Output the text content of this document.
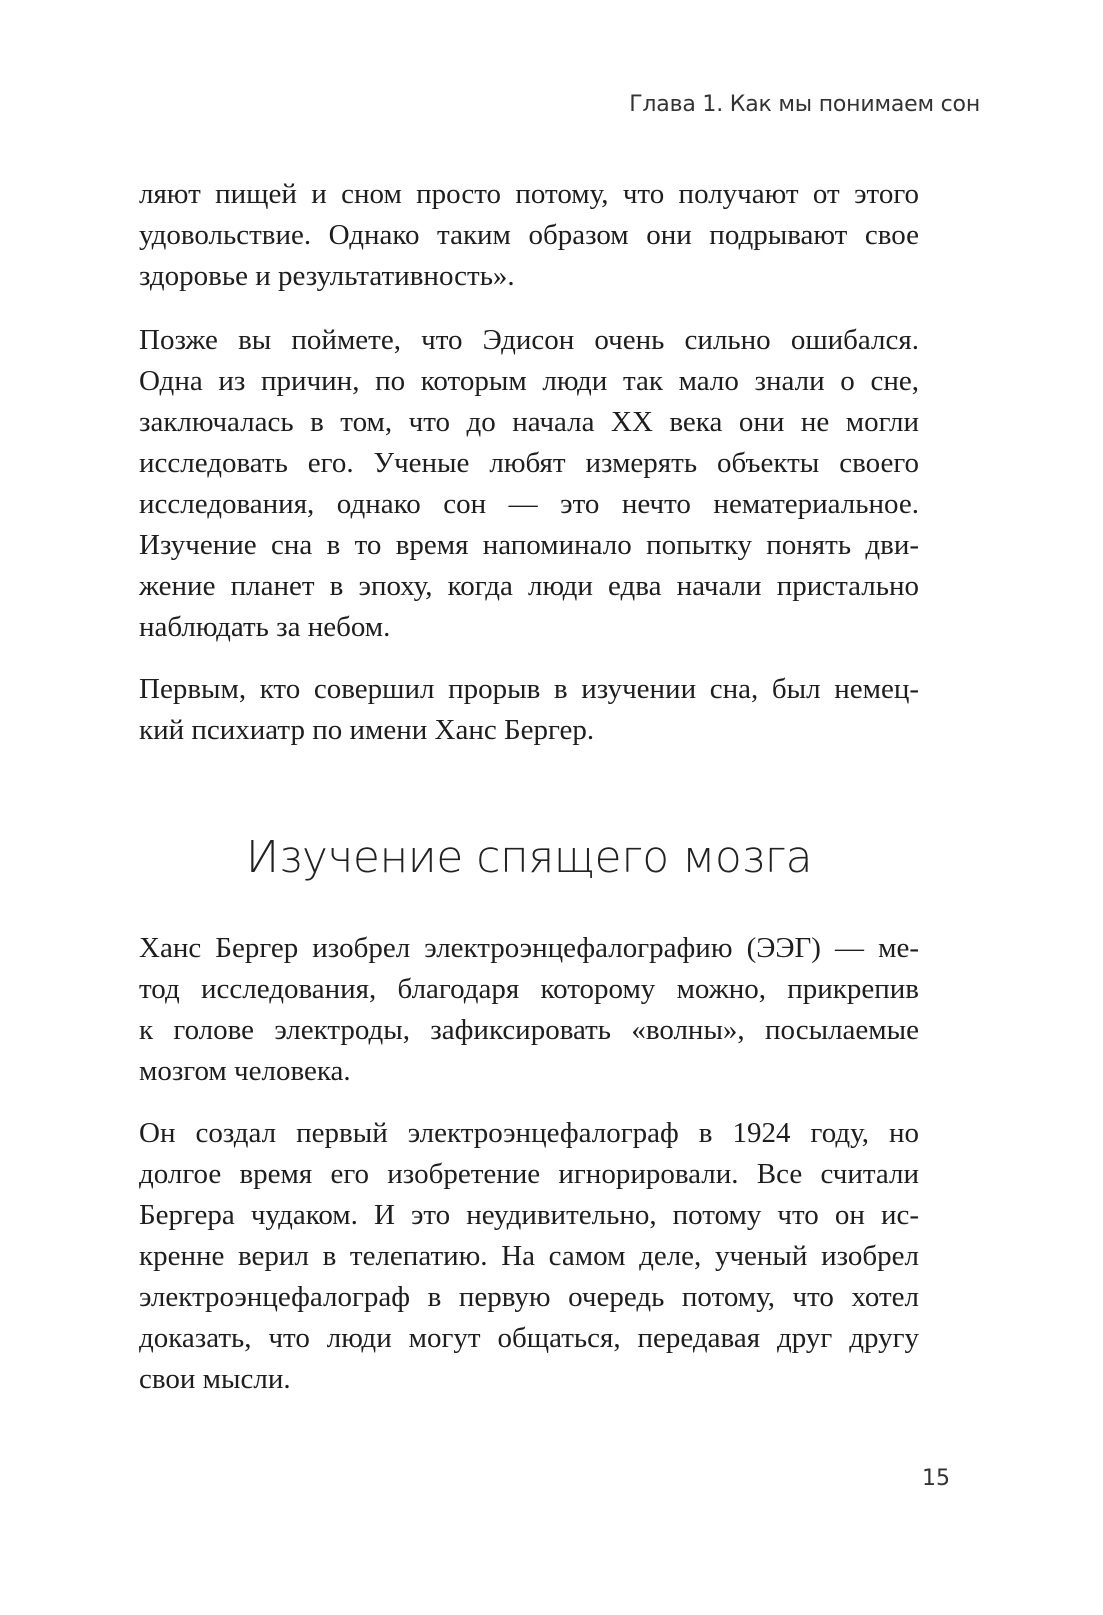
Глава 1. Как мы понимаем сон

ляют пищей и сном просто потому, что получают от этого
удовольствие. Однако таким образом они подрывают свое
здоровье и результативность».

Позже вы поймете, что Эдисон очень сильно ошибался.
Одна из причин, по которым люди так мало знали о сне,
заключалась в том, что до начала XX века они не могли
исследовать его. Ученые любят измерять объекты своего
исследования, однако сон — это нечто нематериальное.
Изучение сна в то время напоминало попытку понять дви-
жение планет в эпоху, когда люди едва начали пристально
наблюдать за небом.

Первым, кто совершил прорыв в изучении сна, был немец-
кий психиатр по имени Ханс Бергер.

Изучение спящего мозга

Ханс Бергер изобрел электроэнцефалографию (ЭЭГ) — ме-
тод исследования, благодаря которому можно, прикрепив
к голове электроды, зафиксировать «волны», посылаемые
мозгом человека.

Он создал первый электроэнцефалограф в 1924 году, но
долгое время его изобретение игнорировали. Все считали
Бергера чудаком. И это неудивительно, потому что он ис-
кренне верил в телепатию. На самом деле, ученый изобрел
электроэнцефалограф в первую очередь потому, что хотел
доказать, что люди могут общаться, передавая друг другу
свои мысли.

15
